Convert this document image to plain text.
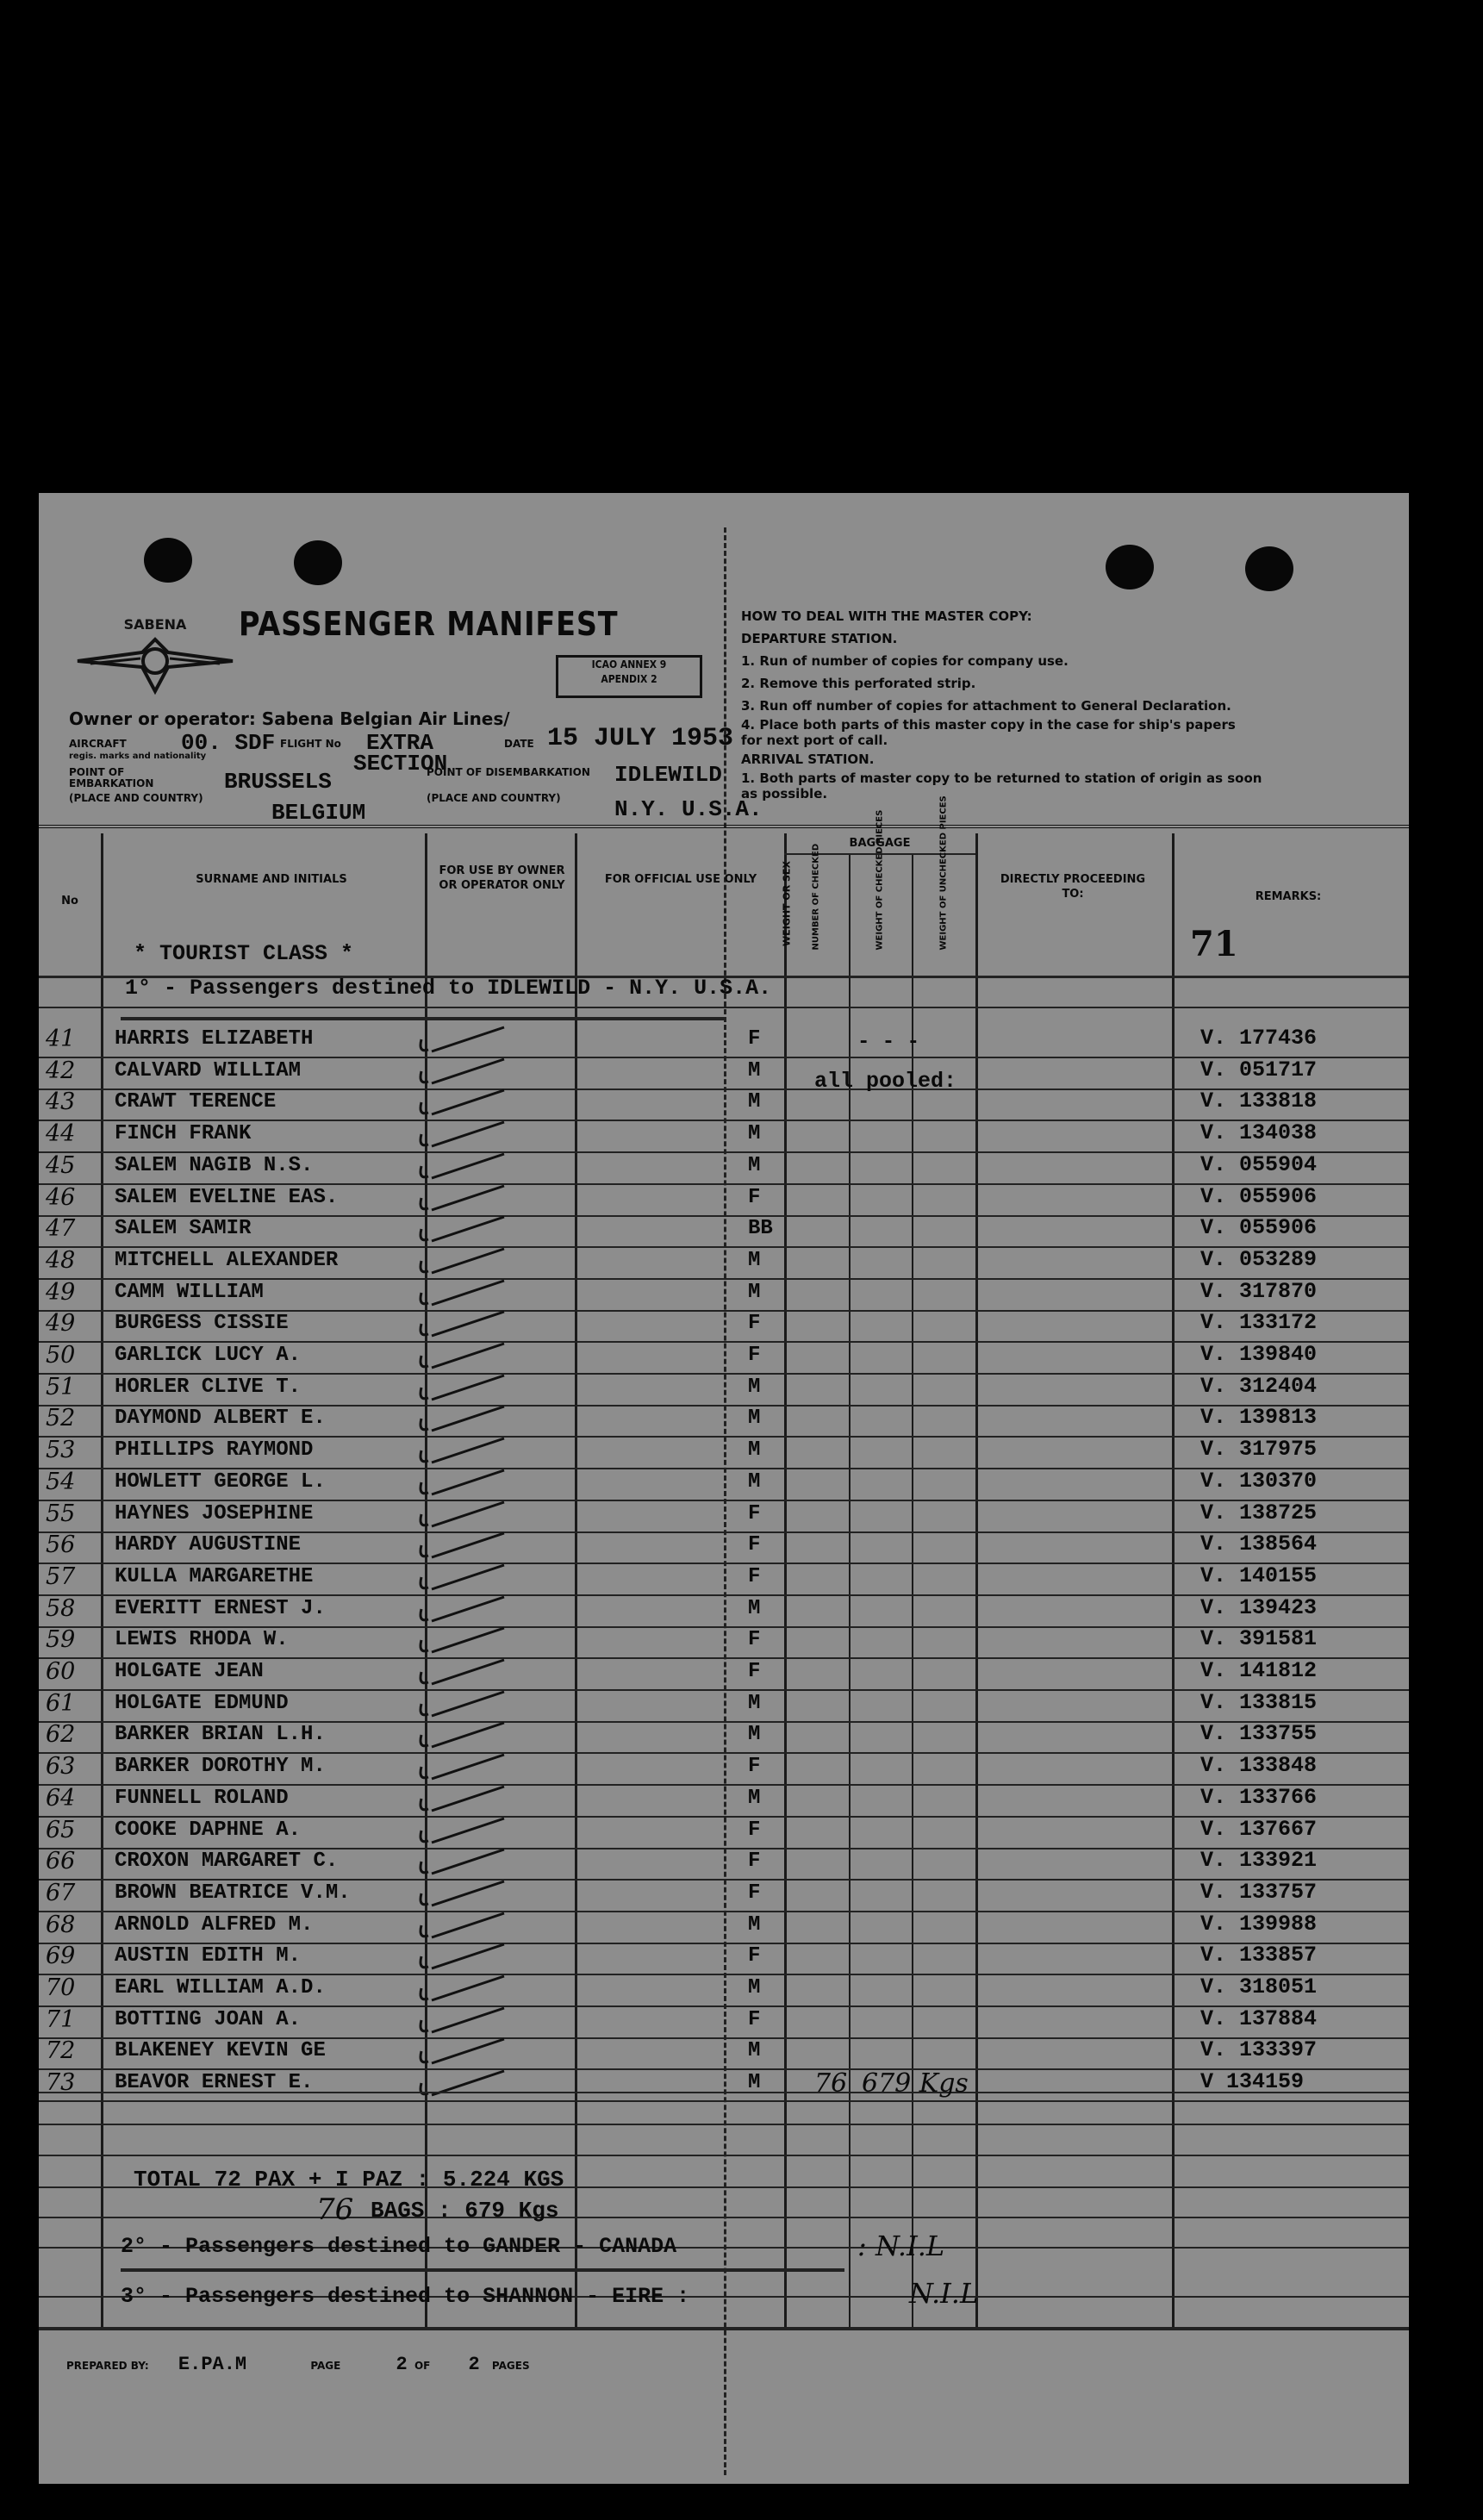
SABENA PASSENGER MANIFEST
ICAO ANNEX 9
APENDIX 2
HOW TO DEAL WITH THE MASTER COPY:
DEPARTURE STATION.
1. Run of number of copies for company use.
2. Remove this perforated strip.
3. Run off number of copies for attachment to General Declaration.
4. Place both parts of this master copy in the case for ship's papers
for next port of call.
ARRIVAL STATION.
1. Both parts of master copy to be returned to station of origin as soon
as possible.
Owner or operator: Sabena Belgian Air Lines/
AIRCRAFT
regis. marks and nationality
00. SDF FLIGHT No EXTRA
SECTION
DATE 15 JULY 1953
POINT OF EMBARKATION
(PLACE AND COUNTRY)
BRUSSELS
BELGIUM
POINT OF DISEMBARKATION
(PLACE AND COUNTRY)
IDLEWILD
N.Y. U.S.A.
No
SURNAME AND INITIALS
FOR USE BY OWNER OR OPERATOR ONLY	FOR OFFICIAL USE ONLY	WEIGHT OR SEX
BAGGAGE
NUMBER OF CHECKED	WEIGHT OF CHECKED PIECES	WEIGHT OF UNCHECKED PIECES	DIRECTLY PROCEEDING TO:	REMARKS:
* TOURIST CLASS *	71
1° - Passengers destined to IDLEWILD - N.Y. U.S.A.
41 HARRIS ELIZABETH	F	V. 177436
42 CALVARD WILLIAM	M	V. 051717
43 CRAWT TERENCE	M	V. 133818
44 FINCH FRANK	M	V. 134038
45 SALEM NAGIB N.S.	M	V. 055904
46 SALEM EVELINE EAS.	F	V. 055906
47 SALEM SAMIR	BB	V. 055906
48 MITCHELL ALEXANDER	M	V. 053289
49 CAMM WILLIAM	M	V. 317870
49 BURGESS CISSIE	F	V. 133172
50 GARLICK LUCY A.	F	V. 139840
51 HORLER CLIVE T.	M	V. 312404
52 DAYMOND ALBERT E.	M	V. 139813
53 PHILLIPS RAYMOND	M	V. 317975
54 HOWLETT GEORGE L.	M	V. 130370
55 HAYNES JOSEPHINE	F	V. 138725
56 HARDY AUGUSTINE	F	V. 138564
57 KULLA MARGARETHE	F	V. 140155
58 EVERITT ERNEST J.	M	V. 139423
59 LEWIS RHODA W.	F	V. 391581
60 HOLGATE JEAN	F	V. 141812
61 HOLGATE EDMUND	M	V. 133815
62 BARKER BRIAN L.H.	M	V. 133755
63 BARKER DOROTHY M.	F	V. 133848
64 FUNNELL ROLAND	M	V. 133766
65 COOKE DAPHNE A.	F	V. 137667
66 CROXON MARGARET C.	F	V. 133921
67 BROWN BEATRICE V.M.	F	V. 133757
68 ARNOLD ALFRED M.	M	V. 139988
69 AUSTIN EDITH M.	F	V. 133857
70 EARL WILLIAM A.D.	M	V. 318051
71 BOTTING JOAN A.	F	V. 137884
72 BLAKENEY KEVIN GE	M	V. 133397
73 BEAVOR ERNEST E.	M	V 134159
- - -
all pooled:
76 679 Kgs
TOTAL 72 PAX + I PAZ : 5.224 KGS
76 BAGS : 679 Kgs
2° - Passengers destined to GANDER - CANADA	: N.I.L
3° - Passengers destined to SHANNON - EIRE :	N.I.L
PREPARED BY: E.PA.M	PAGE	2 OF 2 PAGES
